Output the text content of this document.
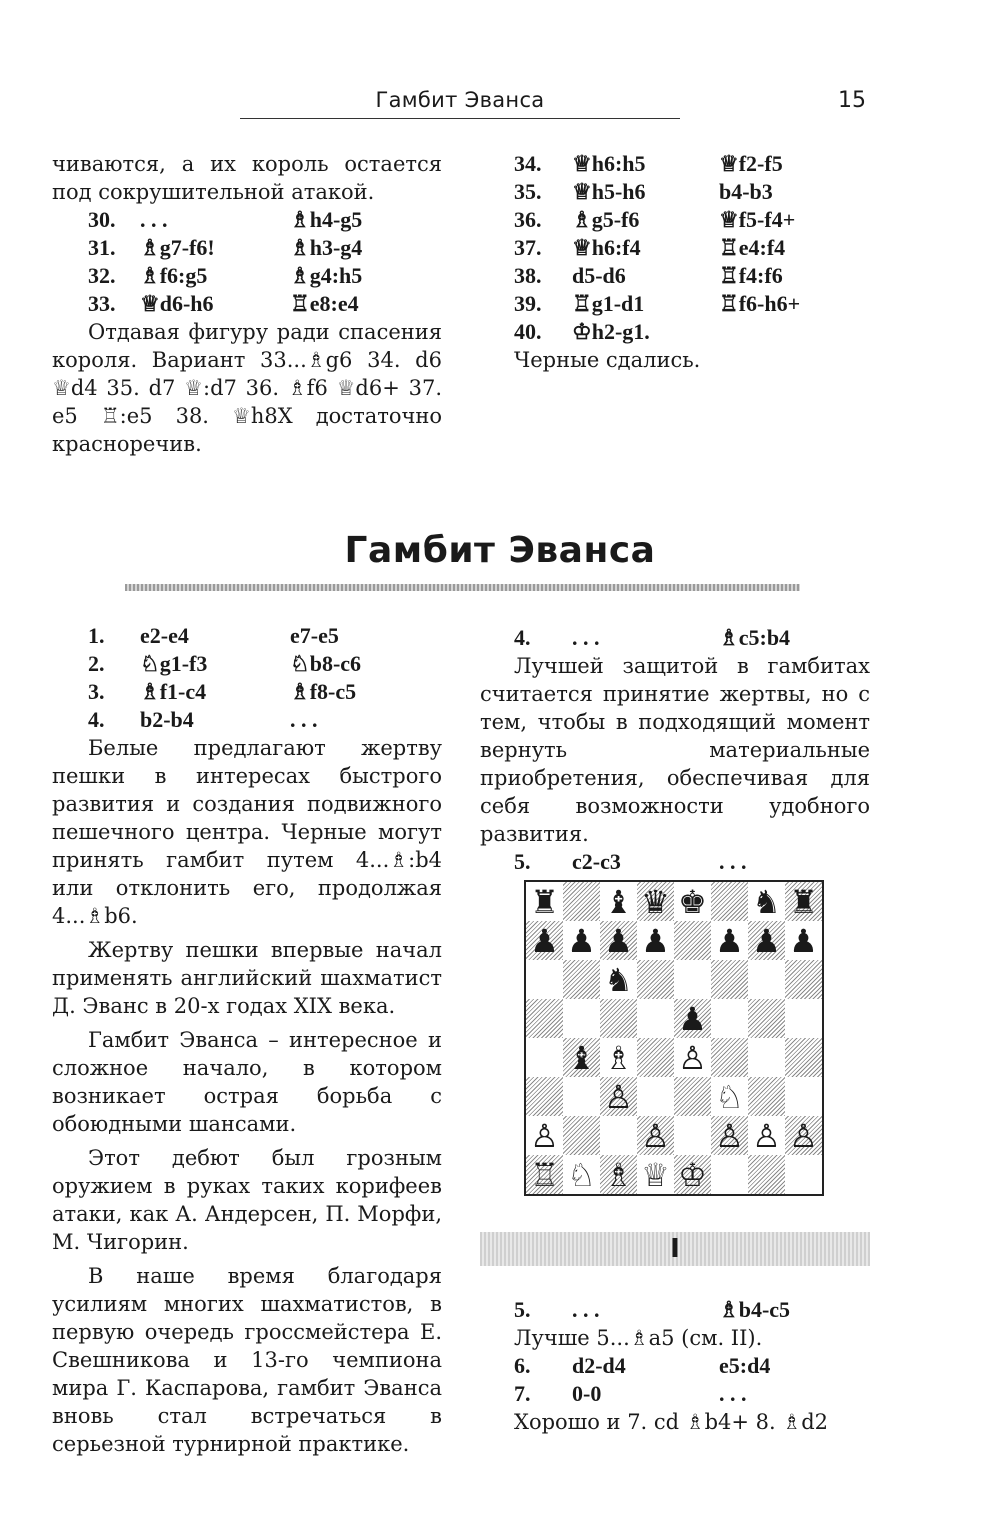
Гамбит Эванса	15

чиваются, а их король остается под сокрушительной атакой.

30.	. . .	♗h4-g5
31.	♗g7-f6!	♗h3-g4
32.	♗f6:g5	♗g4:h5
33.	♕d6-h6	♖e8:e4

Отдавая фигуру ради спасения короля. Вариант 33...♗g6 34. d6 ♕d4 35. d7 ♕:d7 36. ♗f6 ♕d6+ 37. e5 ♖:e5 38. ♕h8X достаточно красноречив.

34.	♕h6:h5	♕f2-f5
35.	♕h5-h6	b4-b3
36.	♗g5-f6	♕f5-f4+
37.	♕h6:f4	♖e4:f4
38.	d5-d6	♖f4:f6
39.	♖g1-d1	♖f6-h6+
40.	♔h2-g1.

Черные сдались.

Гамбит Эванса
1.	e2-e4	e7-e5
2.	♘g1-f3	♘b8-c6
3.	♗f1-c4	♗f8-c5
4.	b2-b4	. . .

Белые предлагают жертву пешки в интересах быстрого развития и создания подвижного пешечного центра. Черные могут принять гамбит путем 4...♗:b4 или отклонить его, продолжая 4...♗b6.

Жертву пешки впервые начал применять английский шахматист Д. Эванс в 20-х годах XIX века.

Гамбит Эванса – интересное и сложное начало, в котором возникает острая борьба с обоюдными шансами.

Этот дебют был грозным оружием в руках таких корифеев атаки, как А. Андерсен, П. Морфи, М. Чигорин.

В наше время благодаря усилиям многих шахматистов, в первую очередь гроссмейстера Е. Свешникова и 13-го чемпиона мира Г. Каспарова, гамбит Эванса вновь стал встречаться в серьезной турнирной практике.

4.	. . .	♗c5:b4

Лучшей защитой в гамбитах считается принятие жертвы, но с тем, чтобы в подходящий момент вернуть материальные приобретения, обеспечивая для себя возможности удобного развития.

5.	c2-c3	. . .
♜ ♝ ♛ ♚ ♞ ♜
♟ ♟ ♟ ♟ ♟ ♟ ♟
♞
♟
♝ ♗ ♙
♙	♘
♙	♙ ♙ ♙ ♙
♖ ♘ ♗ ♕ ♔
I
5.	. . .	♗b4-c5

Лучше 5...♗a5 (см. II).

6.	d2-d4	e5:d4
7.	0-0	. . .

Хорошо и 7. cd ♗b4+ 8. ♗d2
